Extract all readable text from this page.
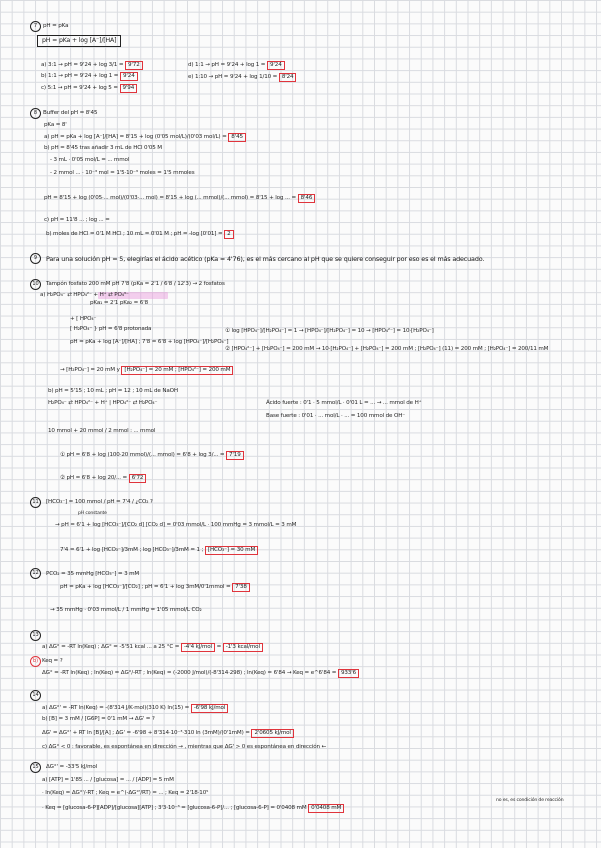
7	pH = pKa
pH = pKa + log [A⁻]/[HA]
a) 3:1 → pH = 9'24 + log 3/1 = 9'72
b) 1:1 → pH = 9'24 + log 1 = 9'24
c) 5:1 → pH = 9'24 + log 5 = 9'94
d) 1:1 → pH = 9'24 + log 1 = 9'24
e) 1:10 → pH = 9'24 + log 1/10 = 8'24
8	Buffer del pH = 8'45
pKa = 8'
a) pH = pKa + log [A⁻]/[HA] = 8'15 + log (0'05 mol/L)/(0'03 mol/L) = 8'45
b) pH = 8'45 tras añadir 3 mL de HCl 0'05 M
- 3 mL · 0'05 mol/L = ... mmol
- 2 mmol ... · 10⁻³ mol = 1'5·10⁻³ moles = 1'5 mmoles
pH = 8'15 + log (0'05·... mol)/(0'03·... mol) = 8'15 + log (... mmol)/(... mmol) = 8'15 + log ... = 8'46
c) pH = 11'8 ... ; log ... =
b) moles de HCl = 0'1 M HCl ; 10 mL = 0'01 M ; pH = -log [0'01] = 2
9	Para una solución pH = 5, elegirías el ácido acético (pKa = 4'76), es el más cercano al pH que se quiere conseguir por eso es el más adecuado.
10	Tampón fosfato 200 mM pH 7'8 (pKa = 2'1 / 6'8 / 12'3) → 2 fosfatos
a) H₂PO₄⁻ ⇄ HPO₄²⁻ + H⁺ ⇄ PO₄³⁻
pKa₁ = 2'1 pKa₂ = 6'8
+ [ HPO₄⁻
[ H₂PO₄⁻ } pH = 6'8 protonada
pH = pKa + log [A⁻]/[HA] ; 7'8 = 6'8 + log [HPO₄⁻]/[H₂PO₄⁻]
① log [HPO₄⁻]/[H₂PO₄⁻] = 1 → [HPO₄⁻]/[H₂PO₄⁻] = 10 → [HPO₄²⁻] = 10·[H₂PO₄⁻]
② [HPO₄²⁻] + [H₂PO₄⁻] = 200 mM → 10·[H₂PO₄⁻] + [H₂PO₄⁻] = 200 mM ; [H₂PO₄⁻] (11) = 200 mM ; [H₂PO₄⁻] = 200/11 mM
→ [H₂PO₄⁻] = 20 mM y [H₂PO₄⁻] = 20 mM ; [HPO₄²⁻] = 200 mM
b) pH = 5'15 ; 10 mL ; pH = 12 ; 10 mL de NaOH
H₂PO₄⁻ ⇄ HPO₄²⁻ + H⁺ | HPO₄²⁻ ⇄ H₂PO₄⁻	Ácido fuerte : 0'1 · 5 mmol/L · 0'01 L = ... → ... mmol de H⁺
Base fuerte : 0'01 · ... mol/L · ... = 100 mmol de OH⁻
10 mmol + 20 mmol / 2 mmol : ... mmol
① pH = 6'8 + log (100·20 mmol)/(... mmol) = 6'8 + log 3/... = 7'19
② pH = 6'8 + log 20/... = 6'72
11	[HCO₃⁻] = 100 mmol / pH = 7'4 / ¿CO₂ ?
pH constante
→ pH = 6'1 + log [HCO₃⁻]/[CO₂ d] [CO₂ d] = 0'03 mmol/L · 100 mmHg = 3 mmol/L = 3 mM
7'4 = 6'1 + log [HCO₃⁻]/3mM ; log [HCO₃⁻]/3mM = 1 ; [HCO₃⁻] = 30 mM
12	PCO₂ = 35 mmHg [HCO₃⁻] = 3 mM
pH = pKa + log [HCO₃⁻]/[CO₂] ; pH = 6'1 + log 3mM/0'1mmol = 7'38
→ 35 mmHg · 0'03 mmol/L / 1 mmHg = 1'05 mmol/L CO₂
13
a) ΔG° = -RT ln(Keq) ; ΔG° = -5'51 kcal ... a 25 °C = -4'4 kJ/mol = -1'3 kcal/mol
b) Keq = ?
ΔG° = -RT ln(Keq) ; ln(Keq) = ΔG°/-RT ; ln(Keq) = (-2000 J/mol)/(-8'314·298) ; ln(Keq) = 6'84 → Keq = e^6'84 = 933'6
14
a) ΔG°' = -RT ln(Keq) = -(8'314 J/K·mol)(310 K) ln(15) = -6'98 kJ/mol
b) [B] = 3 mM / [G6P] = 0'1 mM → ΔG' = ?
ΔG' = ΔG°' + RT ln [B]/[A] ; ΔG' = -6'98 + 8'314·10⁻³·310 ln (3mM)/(0'1mM) = 2'0605 kJ/mol
c) ΔG° < 0 : favorable, es espontánea en dirección → , mientras que ΔG' > 0 es espontánea en dirección ←
15	ΔG°' = -33'5 kJ/mol
a) [ATP] = 1'85 ... / [glucosa] = ... / [ADP] = 5 mM
· ln(Keq) = ΔG°'/-RT ; Keq = e^(-ΔG°'/RT) = ... ; Keq = 2'18·10⁵
· Keq = [glucosa-6-P][ADP]/[glucosa][ATP] ; 3'3·10⁻³ = [glucosa-6-P]/... ; [glucosa-6-P] = 0'0408 mM 0'0408 mM
no es, es condición de reacción
